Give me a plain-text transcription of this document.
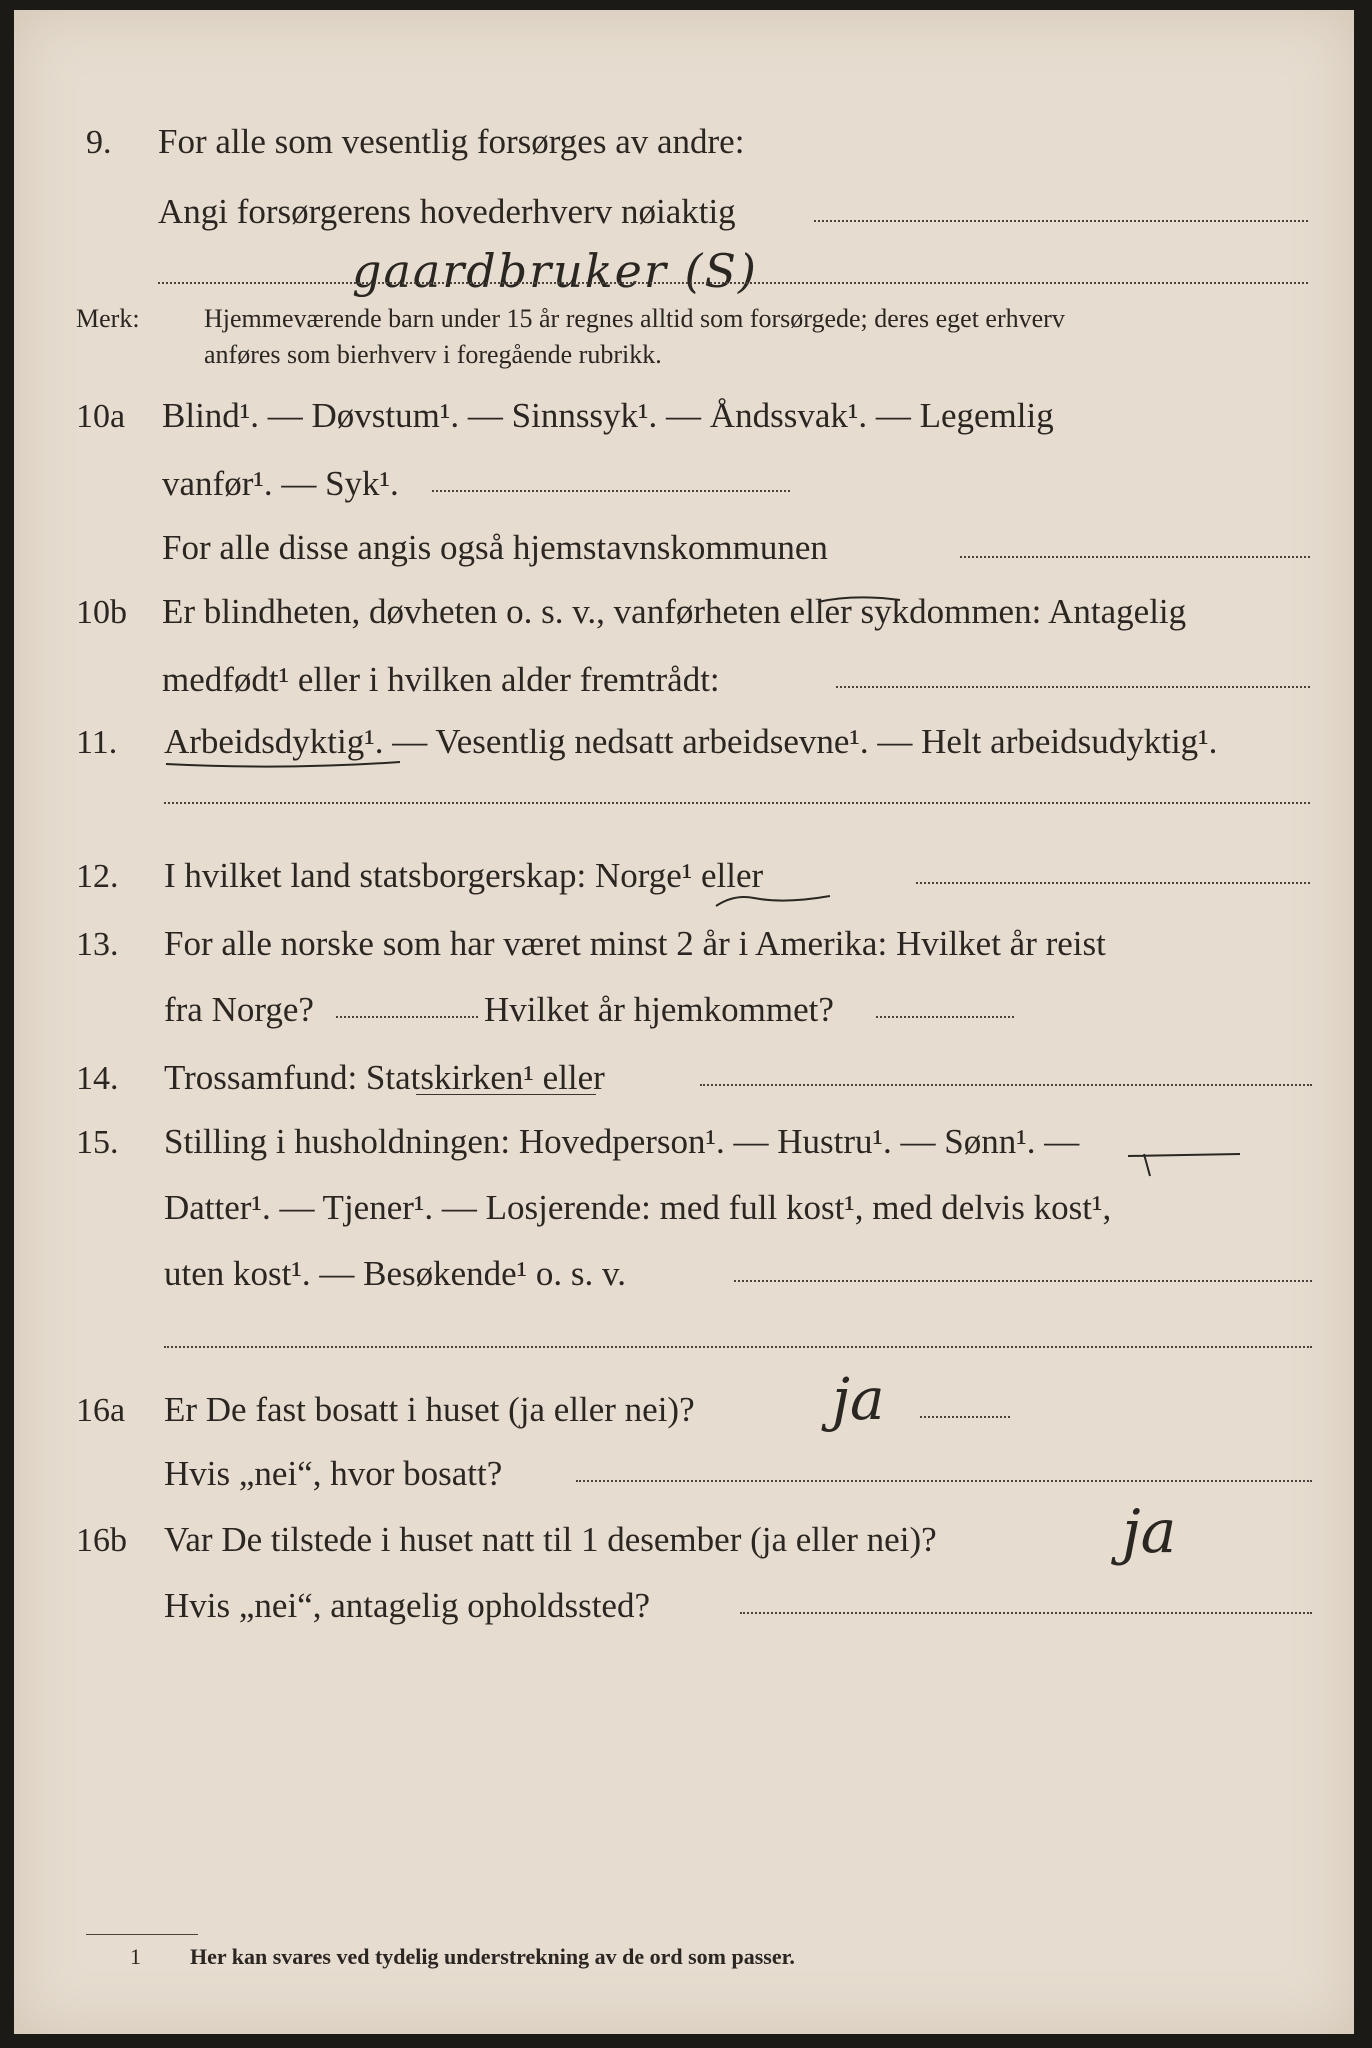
9. For alle som vesentlig forsørges av andre:
Angi forsørgerens hovederhverv nøiaktig
gaardbruker (S)
Merk: Hjemmeværende barn under 15 år regnes alltid som forsørgede; deres eget erhverv
anføres som bierhverv i foregående rubrikk.
10a Blind¹. — Døvstum¹. — Sinnssyk¹. — Åndssvak¹. — Legemlig
vanfør¹. — Syk¹.
For alle disse angis også hjemstavnskommunen
10b Er blindheten, døvheten o. s. v., vanførheten eller sykdommen: Antagelig
medfødt¹ eller i hvilken alder fremtrådt:
11. Arbeidsdyktig¹. — Vesentlig nedsatt arbeidsevne¹. — Helt arbeidsudyktig¹.
12. I hvilket land statsborgerskap: Norge¹ eller
13. For alle norske som har været minst 2 år i Amerika: Hvilket år reist
fra Norge?	Hvilket år hjemkommet?
14. Trossamfund: Statskirken¹ eller
15. Stilling i husholdningen: Hovedperson¹. — Hustru¹. — Sønn¹. —
Datter¹. — Tjener¹. — Losjerende: med full kost¹, med delvis kost¹,
uten kost¹. — Besøkende¹ o. s. v.
16a Er De fast bosatt i huset (ja eller nei)? ja
Hvis „nei“, hvor bosatt?
16b Var De tilstede i huset natt til 1 desember (ja eller nei)?	ja
Hvis „nei“, antagelig opholdssted?
1 Her kan svares ved tydelig understrekning av de ord som passer.
